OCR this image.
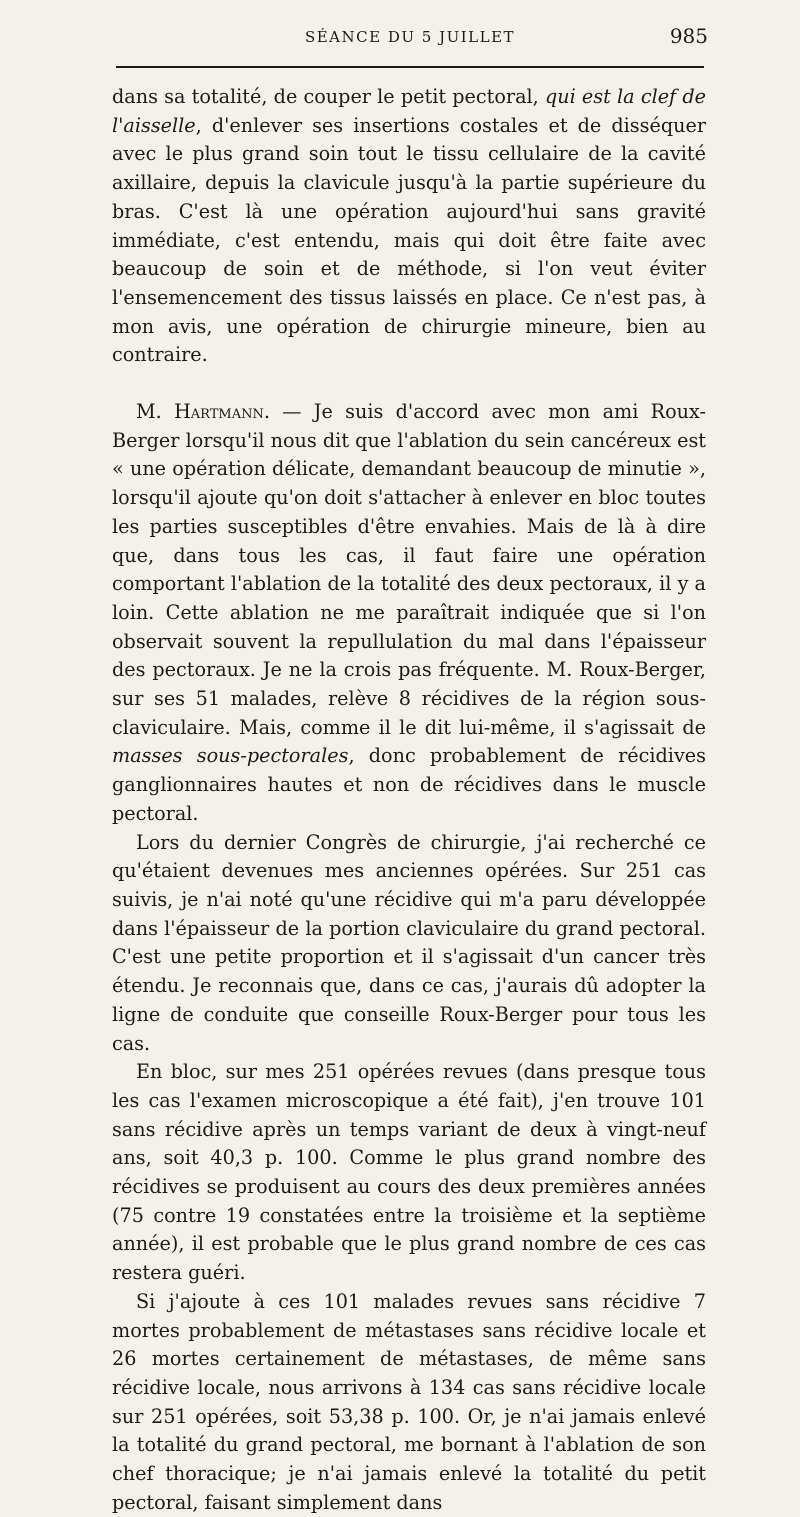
SÉANCE DU 5 JUILLET	985

dans sa totalité, de couper le petit pectoral, qui est la clef de l'aisselle, d'enlever ses insertions costales et de disséquer avec le plus grand soin tout le tissu cellulaire de la cavité axillaire, depuis la clavicule jusqu'à la partie supérieure du bras. C'est là une opération aujourd'hui sans gravité immédiate, c'est entendu, mais qui doit être faite avec beaucoup de soin et de méthode, si l'on veut éviter l'ensemencement des tissus laissés en place. Ce n'est pas, à mon avis, une opération de chirurgie mineure, bien au contraire.

M. Hartmann. — Je suis d'accord avec mon ami Roux-Berger lorsqu'il nous dit que l'ablation du sein cancéreux est « une opération délicate, demandant beaucoup de minutie », lorsqu'il ajoute qu'on doit s'attacher à enlever en bloc toutes les parties susceptibles d'être envahies. Mais de là à dire que, dans tous les cas, il faut faire une opération comportant l'ablation de la totalité des deux pectoraux, il y a loin. Cette ablation ne me paraîtrait indiquée que si l'on observait souvent la repullulation du mal dans l'épaisseur des pectoraux. Je ne la crois pas fréquente. M. Roux-Berger, sur ses 51 malades, relève 8 récidives de la région sous-claviculaire. Mais, comme il le dit lui-même, il s'agissait de masses sous-pectorales, donc probablement de récidives ganglionnaires hautes et non de récidives dans le muscle pectoral.

Lors du dernier Congrès de chirurgie, j'ai recherché ce qu'étaient devenues mes anciennes opérées. Sur 251 cas suivis, je n'ai noté qu'une récidive qui m'a paru développée dans l'épaisseur de la portion claviculaire du grand pectoral. C'est une petite proportion et il s'agissait d'un cancer très étendu. Je reconnais que, dans ce cas, j'aurais dû adopter la ligne de conduite que conseille Roux-Berger pour tous les cas.

En bloc, sur mes 251 opérées revues (dans presque tous les cas l'examen microscopique a été fait), j'en trouve 101 sans récidive après un temps variant de deux à vingt-neuf ans, soit 40,3 p. 100. Comme le plus grand nombre des récidives se produisent au cours des deux premières années (75 contre 19 constatées entre la troisième et la septième année), il est probable que le plus grand nombre de ces cas restera guéri.

Si j'ajoute à ces 101 malades revues sans récidive 7 mortes probablement de métastases sans récidive locale et 26 mortes certainement de métastases, de même sans récidive locale, nous arrivons à 134 cas sans récidive locale sur 251 opérées, soit 53,38 p. 100. Or, je n'ai jamais enlevé la totalité du grand pectoral, me bornant à l'ablation de son chef thoracique; je n'ai jamais enlevé la totalité du petit pectoral, faisant simplement dans
